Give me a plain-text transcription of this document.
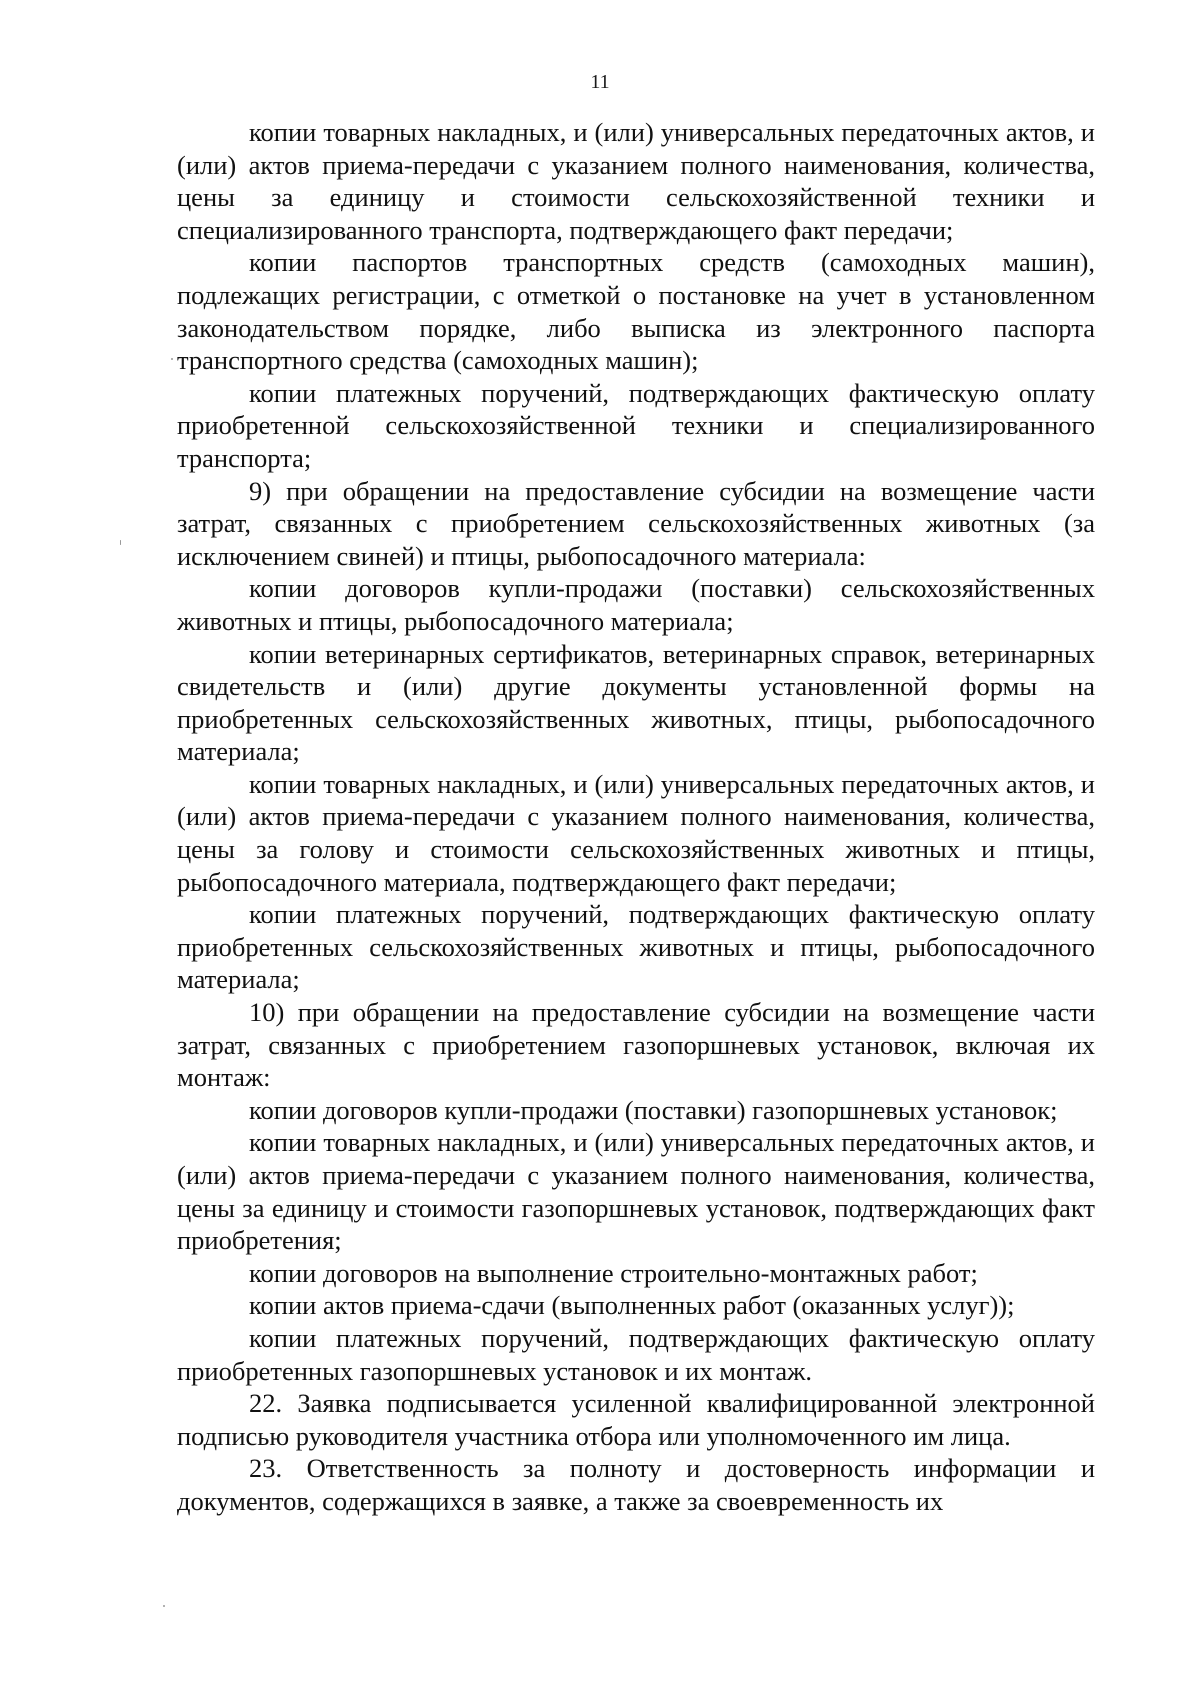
11

копии товарных накладных, и (или) универсальных передаточных актов, и (или) актов приема-передачи с указанием полного наименования, количества, цены за единицу и стоимости сельскохозяйственной техники и специализированного транспорта, подтверждающего факт передачи;

копии паспортов транспортных средств (самоходных машин), подлежащих регистрации, с отметкой о постановке на учет в установленном законодательством порядке, либо выписка из электронного паспорта транспортного средства (самоходных машин);

копии платежных поручений, подтверждающих фактическую оплату приобретенной сельскохозяйственной техники и специализированного транспорта;

9) при обращении на предоставление субсидии на возмещение части затрат, связанных с приобретением сельскохозяйственных животных (за исключением свиней) и птицы, рыбопосадочного материала:

копии договоров купли-продажи (поставки) сельскохозяйственных животных и птицы, рыбопосадочного материала;

копии ветеринарных сертификатов, ветеринарных справок, ветеринарных свидетельств и (или) другие документы установленной формы на приобретенных сельскохозяйственных животных, птицы, рыбопосадочного материала;

копии товарных накладных, и (или) универсальных передаточных актов, и (или) актов приема-передачи с указанием полного наименования, количества, цены за голову и стоимости сельскохозяйственных животных и птицы, рыбопосадочного материала, подтверждающего факт передачи;

копии платежных поручений, подтверждающих фактическую оплату приобретенных сельскохозяйственных животных и птицы, рыбопосадочного материала;

10) при обращении на предоставление субсидии на возмещение части затрат, связанных с приобретением газопоршневых установок, включая их монтаж:

копии договоров купли-продажи (поставки) газопоршневых установок;

копии товарных накладных, и (или) универсальных передаточных актов, и (или) актов приема-передачи с указанием полного наименования, количества, цены за единицу и стоимости газопоршневых установок, подтверждающих факт приобретения;

копии договоров на выполнение строительно-монтажных работ;

копии актов приема-сдачи (выполненных работ (оказанных услуг));

копии платежных поручений, подтверждающих фактическую оплату приобретенных газопоршневых установок и их монтаж.

22. Заявка подписывается усиленной квалифицированной электронной подписью руководителя участника отбора или уполномоченного им лица.

23. Ответственность за полноту и достоверность информации и документов, содержащихся в заявке, а также за своевременность их
